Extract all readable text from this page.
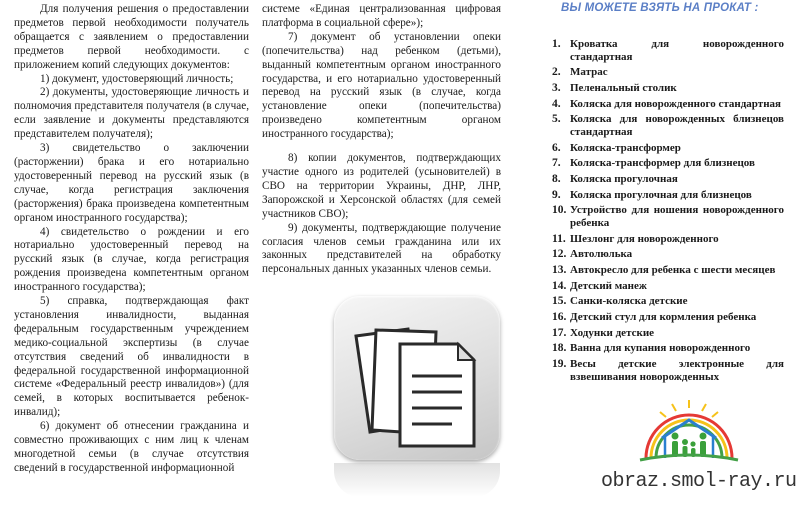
Для получения решения о предоставлении предметов первой необходимости получатель обращается с заявлением о предоставлении предметов первой необходимости. с приложением копий следующих документов:

1) документ, удостоверяющий личность;

2) документы, удостоверяющие личность и полномочия представителя получателя (в случае, если заявление и документы представляются представителем получателя);

3) свидетельство о заключении (расторжении) брака и его нотариально удостоверенный перевод на русский язык (в случае, когда регистрация заключения (расторжения) брака произведена компетентным органом иностранного государства);

4) свидетельство о рождении и его нотариально удостоверенный перевод на русский язык (в случае, когда регистрация рождения произведена компетентным органом иностранного государства);

5) справка, подтверждающая факт установления инвалидности, выданная федеральным государственным учреждением медико-социальной экспертизы (в случае отсутствия сведений об инвалидности в федеральной государственной информационной системе «Федеральный реестр инвалидов») (для семей, в которых воспитывается ребенок-инвалид);

6) документ об отнесении гражданина и совместно проживающих с ним лиц к членам многодетной семьи (в случае отсутствия сведений в государственной информационной

системе «Единая централизованная цифровая платформа в социальной сфере»);

7) документ об установлении опеки (попечительства) над ребенком (детьми), выданный компетентным органом иностранного государства, и его нотариально удостоверенный перевод на русский язык (в случае, когда установление опеки (попечительства) произведено компетентным органом иностранного государства);

8) копии документов, подтверждающих участие одного из родителей (усыновителей) в СВО на территории Украины, ДНР, ЛНР, Запорожской и Херсонской областях (для семей участников СВО);

9) документы, подтверждающие получение согласия членов семьи гражданина или их законных представителей на обработку персональных данных указанных членов семьи.

ВЫ МОЖЕТЕ ВЗЯТЬ НА ПРОКАТ :
1. Кроватка для новорожденного стандартная
2. Матрас
3. Пеленальный столик
4. Коляска для новорожденного стандартная
5. Коляска для новорожденных близнецов стандартная
6. Коляска-трансформер
7. Коляска-трансформер для близнецов
8. Коляска прогулочная
9. Коляска прогулочная для близнецов
10. Устройство для ношения новорожденного ребенка
11. Шезлонг для новорожденного
12. Автолюлька
13. Автокресло для ребенка с шести месяцев
14. Детский манеж
15. Санки-коляска детские
16. Детский стул для кормления ребенка
17. Ходунки детские
18. Ванна для купания новорожденного
19. Весы детские электронные для взвешивания новорожденных
obraz.smol-ray.ru
